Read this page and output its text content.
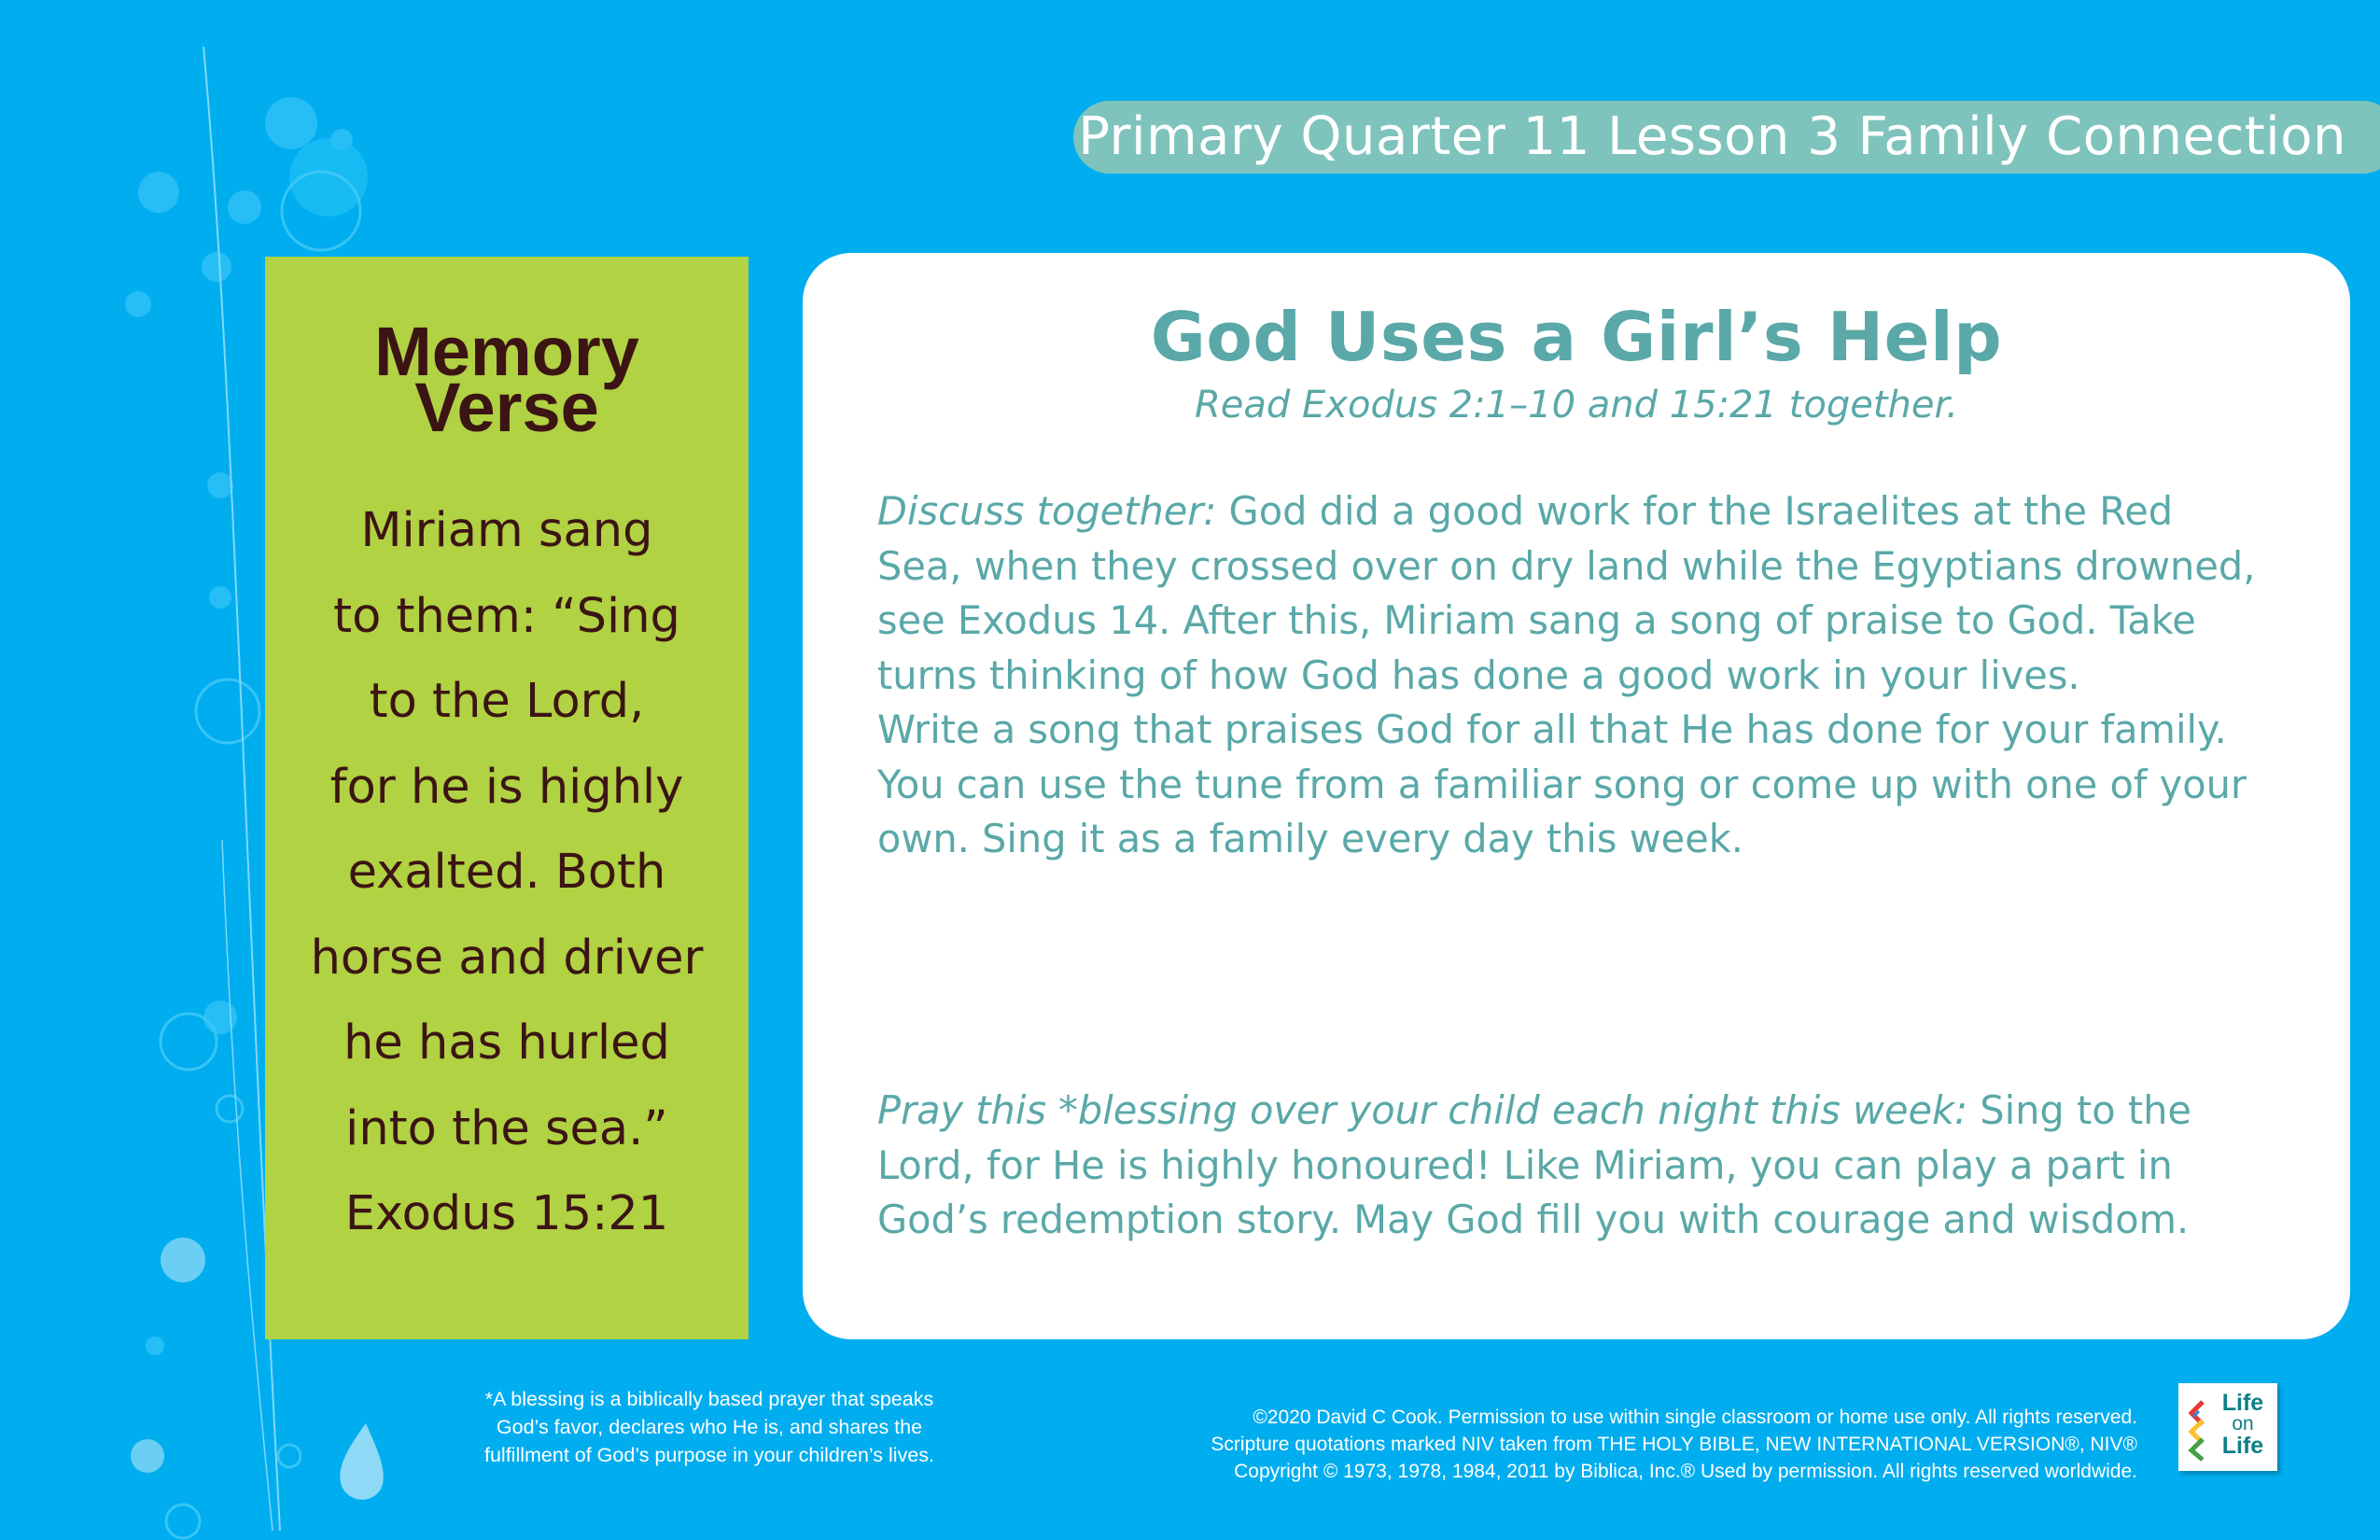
Primary Quarter 11 Lesson 3 Family Connection
Memory
Verse
Miriam sang
to them: “Sing
to the Lord,
for he is highly
exalted. Both
horse and driver
he has hurled
into the sea.”
Exodus 15:21
God Uses a Girl’s Help
Read Exodus 2:1–10 and 15:21 together.
Discuss together: God did a good work for the Israelites at the Red
Sea, when they crossed over on dry land while the Egyptians drowned,
see Exodus 14. After this, Miriam sang a song of praise to God. Take
turns thinking of how God has done a good work in your lives.
Write a song that praises God for all that He has done for your family.
You can use the tune from a familiar song or come up with one of your
own. Sing it as a family every day this week.
Pray this *blessing over your child each night this week: Sing to the
Lord, for He is highly honoured! Like Miriam, you can play a part in
God’s redemption story. May God fill you with courage and wisdom.
*A blessing is a biblically based prayer that speaks
God’s favor, declares who He is, and shares the
fulfillment of God’s purpose in your children’s lives.
©2020 David C Cook. Permission to use within single classroom or home use only. All rights reserved.
Scripture quotations marked NIV taken from THE HOLY BIBLE, NEW INTERNATIONAL VERSION®, NIV®
Copyright © 1973, 1978, 1984, 2011 by Biblica, Inc.® Used by permission. All rights reserved worldwide.
Life
on
Life
